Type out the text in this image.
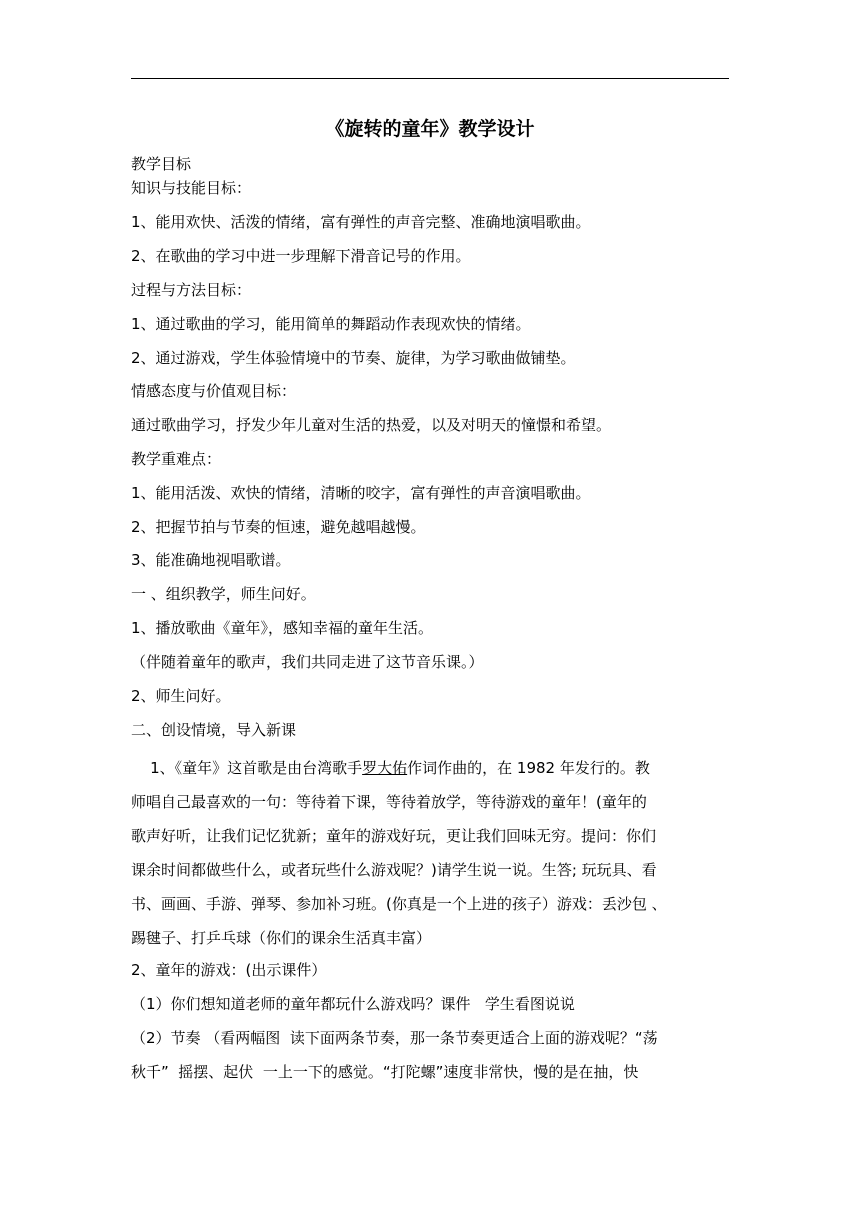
《旋转的童年》教学设计
教学目标
知识与技能目标：
1、能用欢快、活泼的情绪，富有弹性的声音完整、准确地演唱歌曲。
2、在歌曲的学习中进一步理解下滑音记号的作用。
过程与方法目标：
1、通过歌曲的学习，能用简单的舞蹈动作表现欢快的情绪。
2、通过游戏，学生体验情境中的节奏、旋律，为学习歌曲做铺垫。
情感态度与价值观目标：
通过歌曲学习，抒发少年儿童对生活的热爱，以及对明天的憧憬和希望。
教学重难点：
1、能用活泼、欢快的情绪，清晰的咬字，富有弹性的声音演唱歌曲。
2、把握节拍与节奏的恒速，避免越唱越慢。
3、能准确地视唱歌谱。
一 、组织教学，师生问好。
1、播放歌曲《童年》，感知幸福的童年生活。
（伴随着童年的歌声，我们共同走进了这节音乐课。）
2、师生问好。
二、创设情境，导入新课
1、《童年》这首歌是由台湾歌手罗大佑作词作曲的，在 1982 年发行的。教
师唱自己最喜欢的一句：等待着下课，等待着放学，等待游戏的童年！(童年的
歌声好听，让我们记忆犹新；童年的游戏好玩，更让我们回味无穷。提问：你们
课余时间都做些什么，或者玩些什么游戏呢？)请学生说一说。生答; 玩玩具、看
书、画画、手游、弹琴、参加补习班。(你真是一个上进的孩子）游戏：丢沙包 、
踢毽子、打乒乓球（你们的课余生活真丰富）
2、童年的游戏：(出示课件）
（1）你们想知道老师的童年都玩什么游戏吗？课件   学生看图说说
（2）节奏 （看两幅图  读下面两条节奏，那一条节奏更适合上面的游戏呢？“荡
秋千”  摇摆、起伏  一上一下的感觉。“打陀螺”速度非常快，慢的是在抽，快
